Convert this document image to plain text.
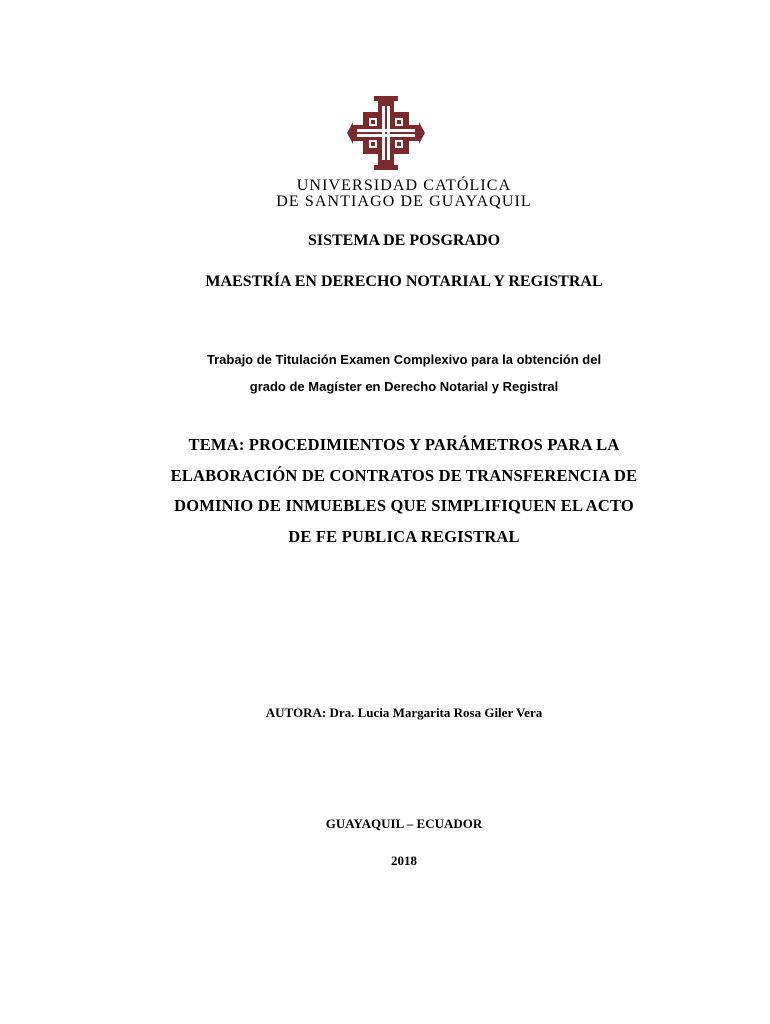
UNIVERSIDAD CATÓLICA
DE SANTIAGO DE GUAYAQUIL
SISTEMA DE POSGRADO
MAESTRÍA EN DERECHO NOTARIAL Y REGISTRAL
Trabajo de Titulación Examen Complexivo para la obtención del
grado de Magíster en Derecho Notarial y Registral
TEMA: PROCEDIMIENTOS Y PARÁMETROS PARA LA
ELABORACIÓN DE CONTRATOS DE TRANSFERENCIA DE
DOMINIO DE INMUEBLES QUE SIMPLIFIQUEN EL ACTO
DE FE PUBLICA REGISTRAL
AUTORA: Dra. Lucia Margarita Rosa Giler Vera
GUAYAQUIL – ECUADOR
2018
